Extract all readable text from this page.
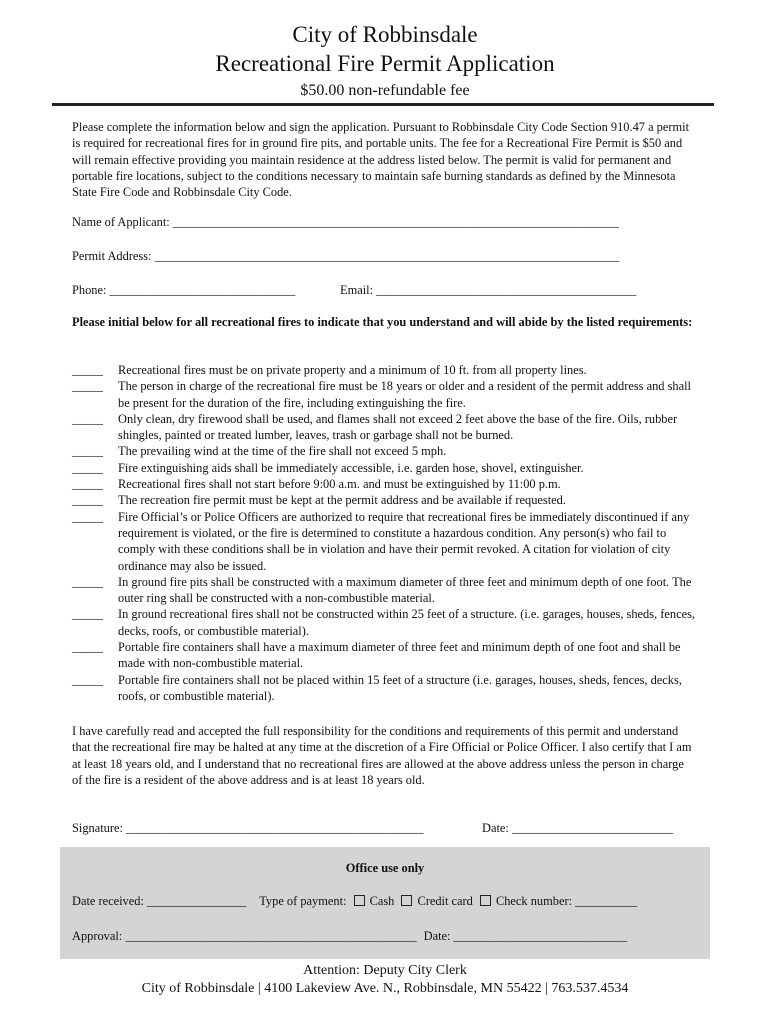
City of Robbinsdale
Recreational Fire Permit Application
$50.00 non-refundable fee
Please complete the information below and sign the application. Pursuant to Robbinsdale City Code Section 910.47 a permit is required for recreational fires for in ground fire pits, and portable units. The fee for a Recreational Fire Permit is $50 and will remain effective providing you maintain residence at the address listed below. The permit is valid for permanent and portable fire locations, subject to the conditions necessary to maintain safe burning standards as defined by the Minnesota State Fire Code and Robbinsdale City Code.
Name of Applicant: ________________________________________________________________________
Permit Address: ___________________________________________________________________________
Phone: ______________________________	Email: __________________________________________
Please initial below for all recreational fires to indicate that you understand and will abide by the listed requirements:
_____	Recreational fires must be on private property and a minimum of 10 ft. from all property lines.
_____	The person in charge of the recreational fire must be 18 years or older and a resident of the permit address and shall be present for the duration of the fire, including extinguishing the fire.
_____	Only clean, dry firewood shall be used, and flames shall not exceed 2 feet above the base of the fire. Oils, rubber shingles, painted or treated lumber, leaves, trash or garbage shall not be burned.
_____	The prevailing wind at the time of the fire shall not exceed 5 mph.
_____	Fire extinguishing aids shall be immediately accessible, i.e. garden hose, shovel, extinguisher.
_____	Recreational fires shall not start before 9:00 a.m. and must be extinguished by 11:00 p.m.
_____	The recreation fire permit must be kept at the permit address and be available if requested.
_____	Fire Official’s or Police Officers are authorized to require that recreational fires be immediately discontinued if any requirement is violated, or the fire is determined to constitute a hazardous condition. Any person(s) who fail to comply with these conditions shall be in violation and have their permit revoked. A citation for violation of city ordinance may also be issued.
_____	In ground fire pits shall be constructed with a maximum diameter of three feet and minimum depth of one foot. The outer ring shall be constructed with a non-combustible material.
_____	In ground recreational fires shall not be constructed within 25 feet of a structure. (i.e. garages, houses, sheds, fences, decks, roofs, or combustible material).
_____	Portable fire containers shall have a maximum diameter of three feet and minimum depth of one foot and shall be made with non-combustible material.
_____	Portable fire containers shall not be placed within 15 feet of a structure (i.e. garages, houses, sheds, fences, decks, roofs, or combustible material).
I have carefully read and accepted the full responsibility for the conditions and requirements of this permit and understand that the recreational fire may be halted at any time at the discretion of a Fire Official or Police Officer. I also certify that I am at least 18 years old, and I understand that no recreational fires are allowed at the above address unless the person in charge of the fire is a resident of the above address and is at least 18 years old.
Signature: ________________________________________________	Date: __________________________
Office use only
Date received: ________________ Type of payment: Cash Credit card Check number: __________
Approval: _______________________________________________ Date: ____________________________
Attention: Deputy City Clerk
City of Robbinsdale | 4100 Lakeview Ave. N., Robbinsdale, MN 55422 | 763.537.4534
